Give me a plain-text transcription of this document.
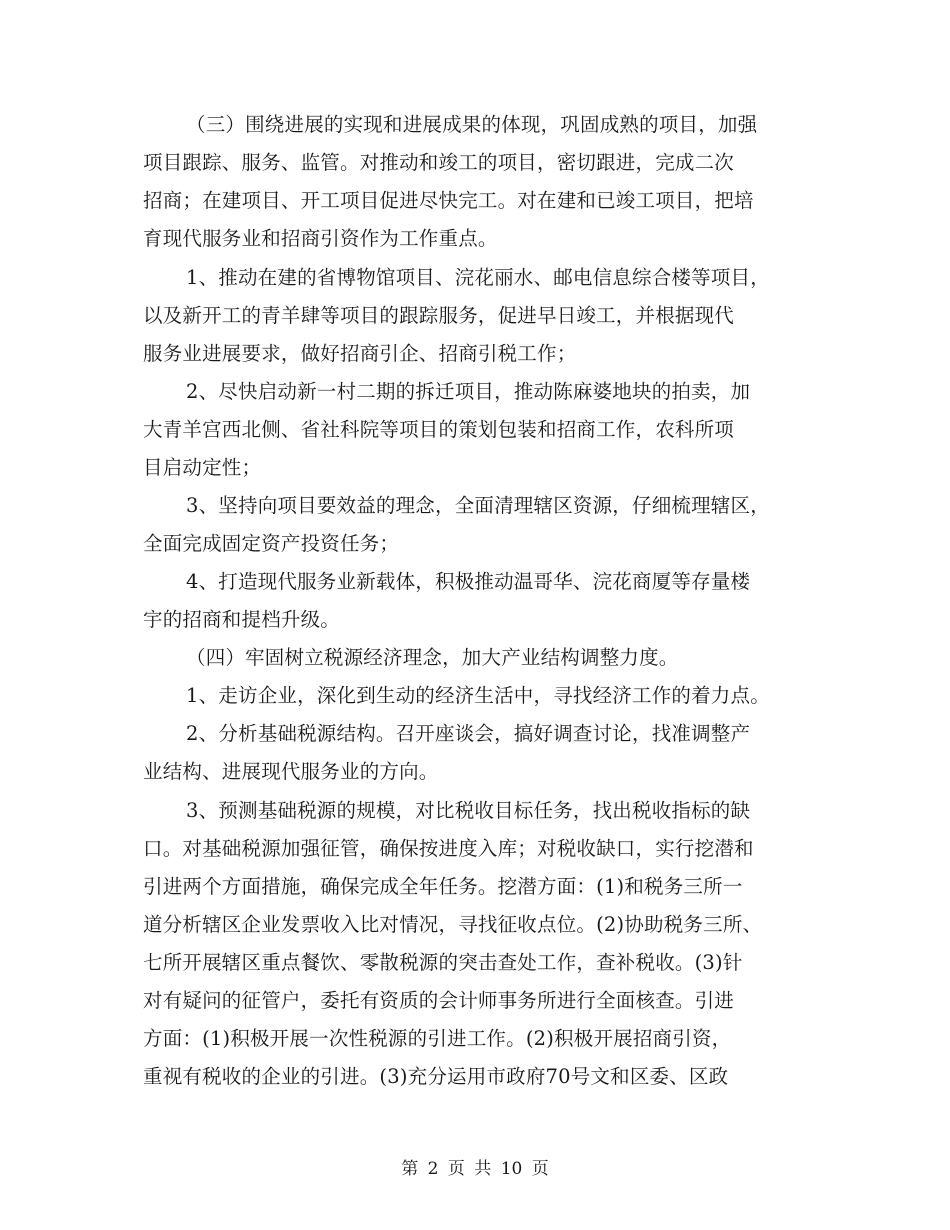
（三）围绕进展的实现和进展成果的体现，巩固成熟的项目，加强
项目跟踪、服务、监管。对推动和竣工的项目，密切跟进，完成二次
招商；在建项目、开工项目促进尽快完工。对在建和已竣工项目，把培
育现代服务业和招商引资作为工作重点。
1、推动在建的省博物馆项目、浣花丽水、邮电信息综合楼等项目，
以及新开工的青羊肆等项目的跟踪服务，促进早日竣工，并根据现代
服务业进展要求，做好招商引企、招商引税工作；
2、尽快启动新一村二期的拆迁项目，推动陈麻婆地块的拍卖，加
大青羊宫西北侧、省社科院等项目的策划包装和招商工作，农科所项
目启动定性；
3、坚持向项目要效益的理念，全面清理辖区资源，仔细梳理辖区，
全面完成固定资产投资任务；
4、打造现代服务业新载体，积极推动温哥华、浣花商厦等存量楼
宇的招商和提档升级。
（四）牢固树立税源经济理念，加大产业结构调整力度。
1、走访企业，深化到生动的经济生活中，寻找经济工作的着力点。
2、分析基础税源结构。召开座谈会，搞好调查讨论，找准调整产
业结构、进展现代服务业的方向。
3、预测基础税源的规模，对比税收目标任务，找出税收指标的缺
口。对基础税源加强征管，确保按进度入库；对税收缺口，实行挖潜和
引进两个方面措施，确保完成全年任务。挖潜方面：(1)和税务三所一
道分析辖区企业发票收入比对情况，寻找征收点位。(2)协助税务三所、
七所开展辖区重点餐饮、零散税源的突击查处工作，查补税收。(3)针
对有疑问的征管户，委托有资质的会计师事务所进行全面核查。引进
方面：(1)积极开展一次性税源的引进工作。(2)积极开展招商引资，
重视有税收的企业的引进。(3)充分运用市政府70号文和区委、区政
第 2 页 共 10 页
